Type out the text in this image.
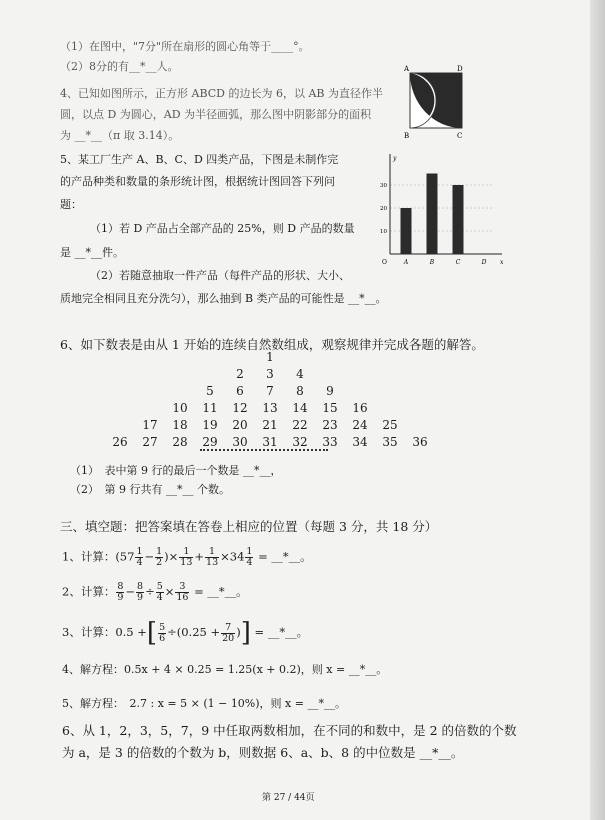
（1）在图中，"7分"所在扇形的圆心角等于____°。
（2）8分的有__*__人。
4、已知如图所示，正方形 ABCD 的边长为 6，以 AB 为直径作半
圆，以点 D 为圆心，AD 为半径画弧，那么图中阴影部分的面积
为 __*__（π 取 3.14）。
A	D
B	C
5、某工厂生产 A、B、C、D 四类产品，下图是未制作完
的产品种类和数量的条形统计图，根据统计图回答下列问
题：
（1）若 D 产品占全部产品的 25%，则 D 产品的数量
是 __*__件。
（2）若随意抽取一件产品（每件产品的形状、大小、
质地完全相同且充分洗匀），那么抽到 B 类产品的可能性是 __*__。
10
20
30
y
x
O	A	B	C	D
6、如下数表是由从 1 开始的连续自然数组成，观察规律并完成各题的解答。
1
2	3	4
5	6	7	8	9
10	11	12	13	14	15	16
17	18	19	20	21	22	23	24	25
26	27	28	29	30	31	32	33	34	35	36
（1）　表中第 9 行的最后一个数是 __*__，
（2）　第 9 行共有 __*__ 个数。
三、填空题：把答案填在答卷上相应的位置（每题 3 分，共 18 分）
1、计算：($57 \frac{1}{4} - \frac{1}{2}$ )× $\frac{1}{13} + \frac{1}{13} \times 34 \frac{1}{4}$ = __*__。
2、计算： $\frac{8}{9} - \frac{8}{9} \div \frac{5}{4} \times \frac{3}{16}$ = __*__。
3、计算：0.5 +[ $\frac{5}{6} \div(0.25 + \frac{7}{20}$ )] = __*__。
4、解方程：0.5x + 4 × 0.25 = 1.25(x + 0.2)，则 x = __*__。
5、解方程：　2.7 : x = 5 × (1 − 10%)，则 x = __*__。
6、从 1，2，3，5，7，9 中任取两数相加，在不同的和数中，是 2 的倍数的个数
为 a，是 3 的倍数的个数为 b，则数据 6、a、b、8 的中位数是 __*__。
第 27 / 44页
